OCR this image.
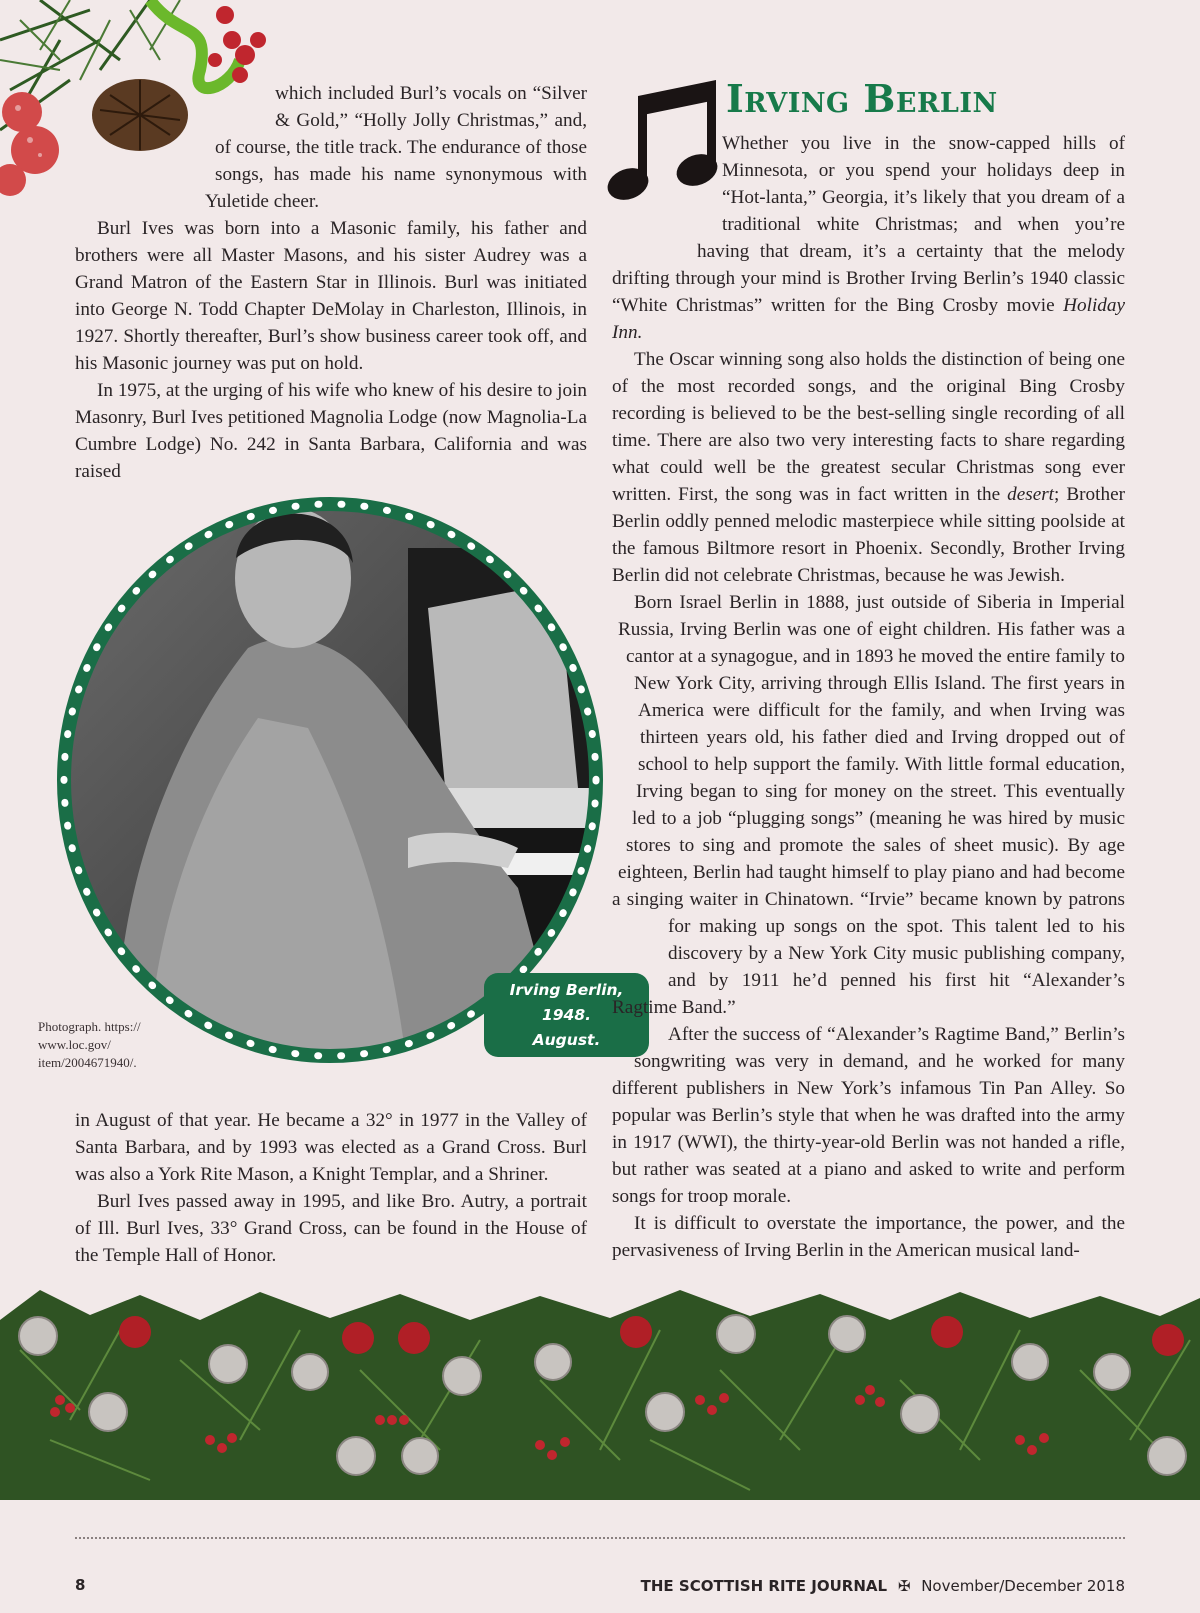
which included Burl’s vocals on “Silver & Gold,” “Holly Jolly Christmas,” and, of course, the title track. The endurance of those songs, has made his name synonymous with Yuletide cheer.

Burl Ives was born into a Masonic family, his father and brothers were all Master Masons, and his sister Audrey was a Grand Matron of the Eastern Star in Illinois. Burl was initiated into George N. Todd Chapter DeMolay in Charleston, Illinois, in 1927. Shortly thereafter, Burl’s show business career took off, and his Masonic journey was put on hold.

In 1975, at the urging of his wife who knew of his desire to join Masonry, Burl Ives petitioned Magnolia Lodge (now Magnolia-La Cumbre Lodge) No. 242 in Santa Barbara, California and was raised

Irving Berlin, 1948.
August.
Photograph. https:// www.loc.gov/ item/2004671940/.

in August of that year. He became a 32° in 1977 in the Valley of Santa Barbara, and by 1993 was elected as a Grand Cross. Burl was also a York Rite Mason, a Knight Templar, and a Shriner.

Burl Ives passed away in 1995, and like Bro. Autry, a portrait of Ill. Burl Ives, 33° Grand Cross, can be found in the House of the Temple Hall of Honor.

Irving Berlin

Whether you live in the snow-capped hills of Minnesota, or you spend your holidays deep in “Hot-lanta,” Georgia, it’s likely that you dream of a traditional white Christmas; and when you’re having that dream, it’s a certainty that the melody drifting through your mind is Brother Irving Berlin’s 1940 classic “White Christmas” written for the Bing Crosby movie Holiday Inn.

The Oscar winning song also holds the distinction of being one of the most recorded songs, and the original Bing Crosby recording is believed to be the best-selling single recording of all time. There are also two very interesting facts to share regarding what could well be the greatest secular Christmas song ever written. First, the song was in fact written in the desert; Brother Berlin oddly penned melodic masterpiece while sitting poolside at the famous Biltmore resort in Phoenix. Secondly, Brother Irving Berlin did not celebrate Christmas, because he was Jewish.

Born Israel Berlin in 1888, just outside of Siberia in Imperial Russia, Irving Berlin was one of eight children. His father was a cantor at a synagogue, and in 1893 he moved the entire family to New York City, arriving through Ellis Island. The first years in America were difficult for the family, and when Irving was thirteen years old, his father died and Irving dropped out of school to help support the family. With little formal education, Irving began to sing for money on the street. This eventually led to a job “plugging songs” (meaning he was hired by music stores to sing and promote the sales of sheet music). By age eighteen, Berlin had taught himself to play piano and had become a singing waiter in Chinatown. “Irvie” became known by patrons for making up songs on the spot. This talent led to his discovery by a New York City music publishing company, and by 1911 he’d penned his first hit “Alexander’s Ragtime Band.”

After the success of “Alexander’s Ragtime Band,” Berlin’s songwriting was very in demand, and he worked for many different publishers in New York’s infamous Tin Pan Alley. So popular was Berlin’s style that when he was drafted into the army in 1917 (WWI), the thirty-year-old Berlin was not handed a rifle, but rather was seated at a piano and asked to write and perform songs for troop morale.

It is difficult to overstate the importance, the power, and the pervasiveness of Irving Berlin in the American musical land-

8	THE SCOTTISH RITE JOURNAL ✠ November/December 2018
